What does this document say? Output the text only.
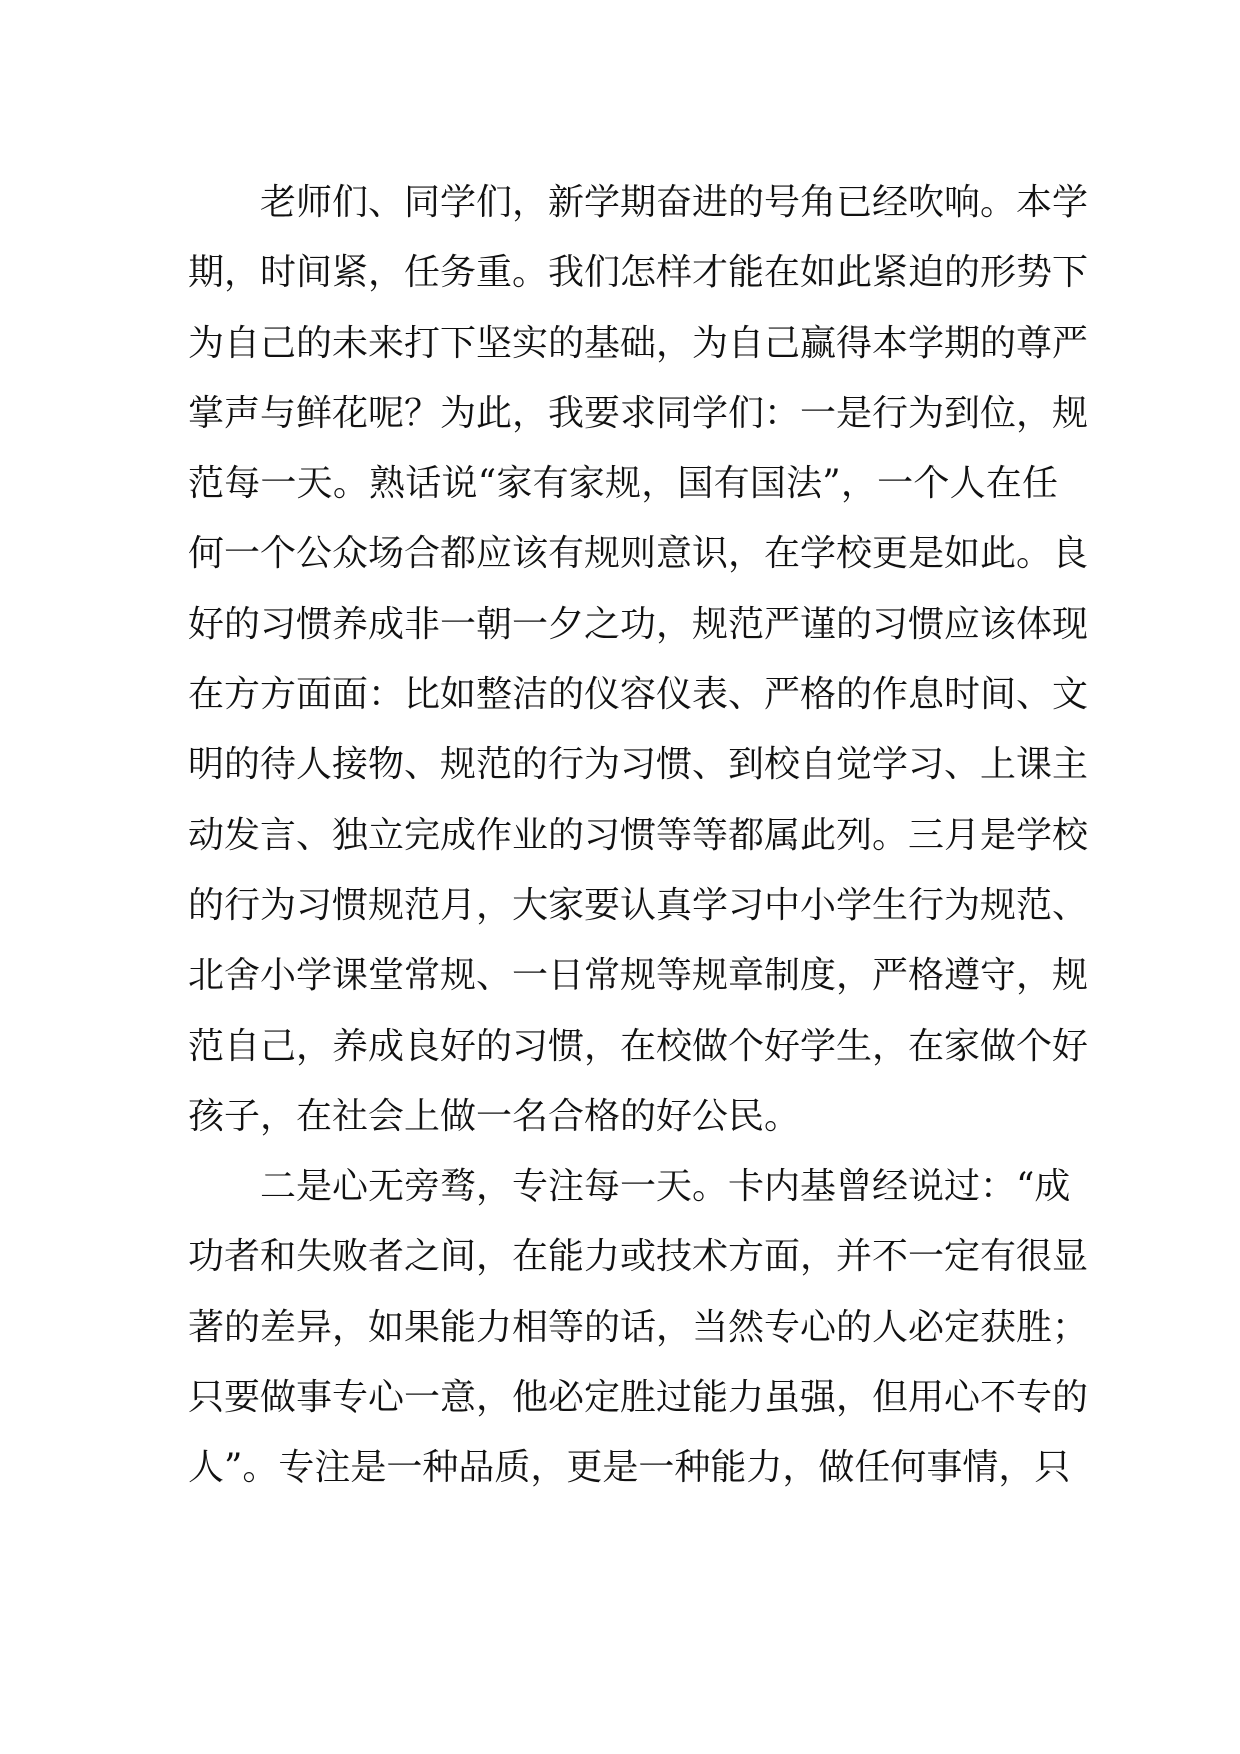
老师们、同学们，新学期奋进的号角已经吹响。本学
期，时间紧，任务重。我们怎样才能在如此紧迫的形势下
为自己的未来打下坚实的基础，为自己赢得本学期的尊严
掌声与鲜花呢？为此，我要求同学们：一是行为到位，规
范每一天。熟话说“家有家规，国有国法”，一个人在任
何一个公众场合都应该有规则意识，在学校更是如此。良
好的习惯养成非一朝一夕之功，规范严谨的习惯应该体现
在方方面面：比如整洁的仪容仪表、严格的作息时间、文
明的待人接物、规范的行为习惯、到校自觉学习、上课主
动发言、独立完成作业的习惯等等都属此列。三月是学校
的行为习惯规范月，大家要认真学习中小学生行为规范、
北舍小学课堂常规、一日常规等规章制度，严格遵守，规
范自己，养成良好的习惯，在校做个好学生，在家做个好
孩子，在社会上做一名合格的好公民。
二是心无旁骛，专注每一天。卡内基曾经说过：“成
功者和失败者之间，在能力或技术方面，并不一定有很显
著的差异，如果能力相等的话，当然专心的人必定获胜；
只要做事专心一意，他必定胜过能力虽强，但用心不专的
人”。专注是一种品质，更是一种能力，做任何事情，只
